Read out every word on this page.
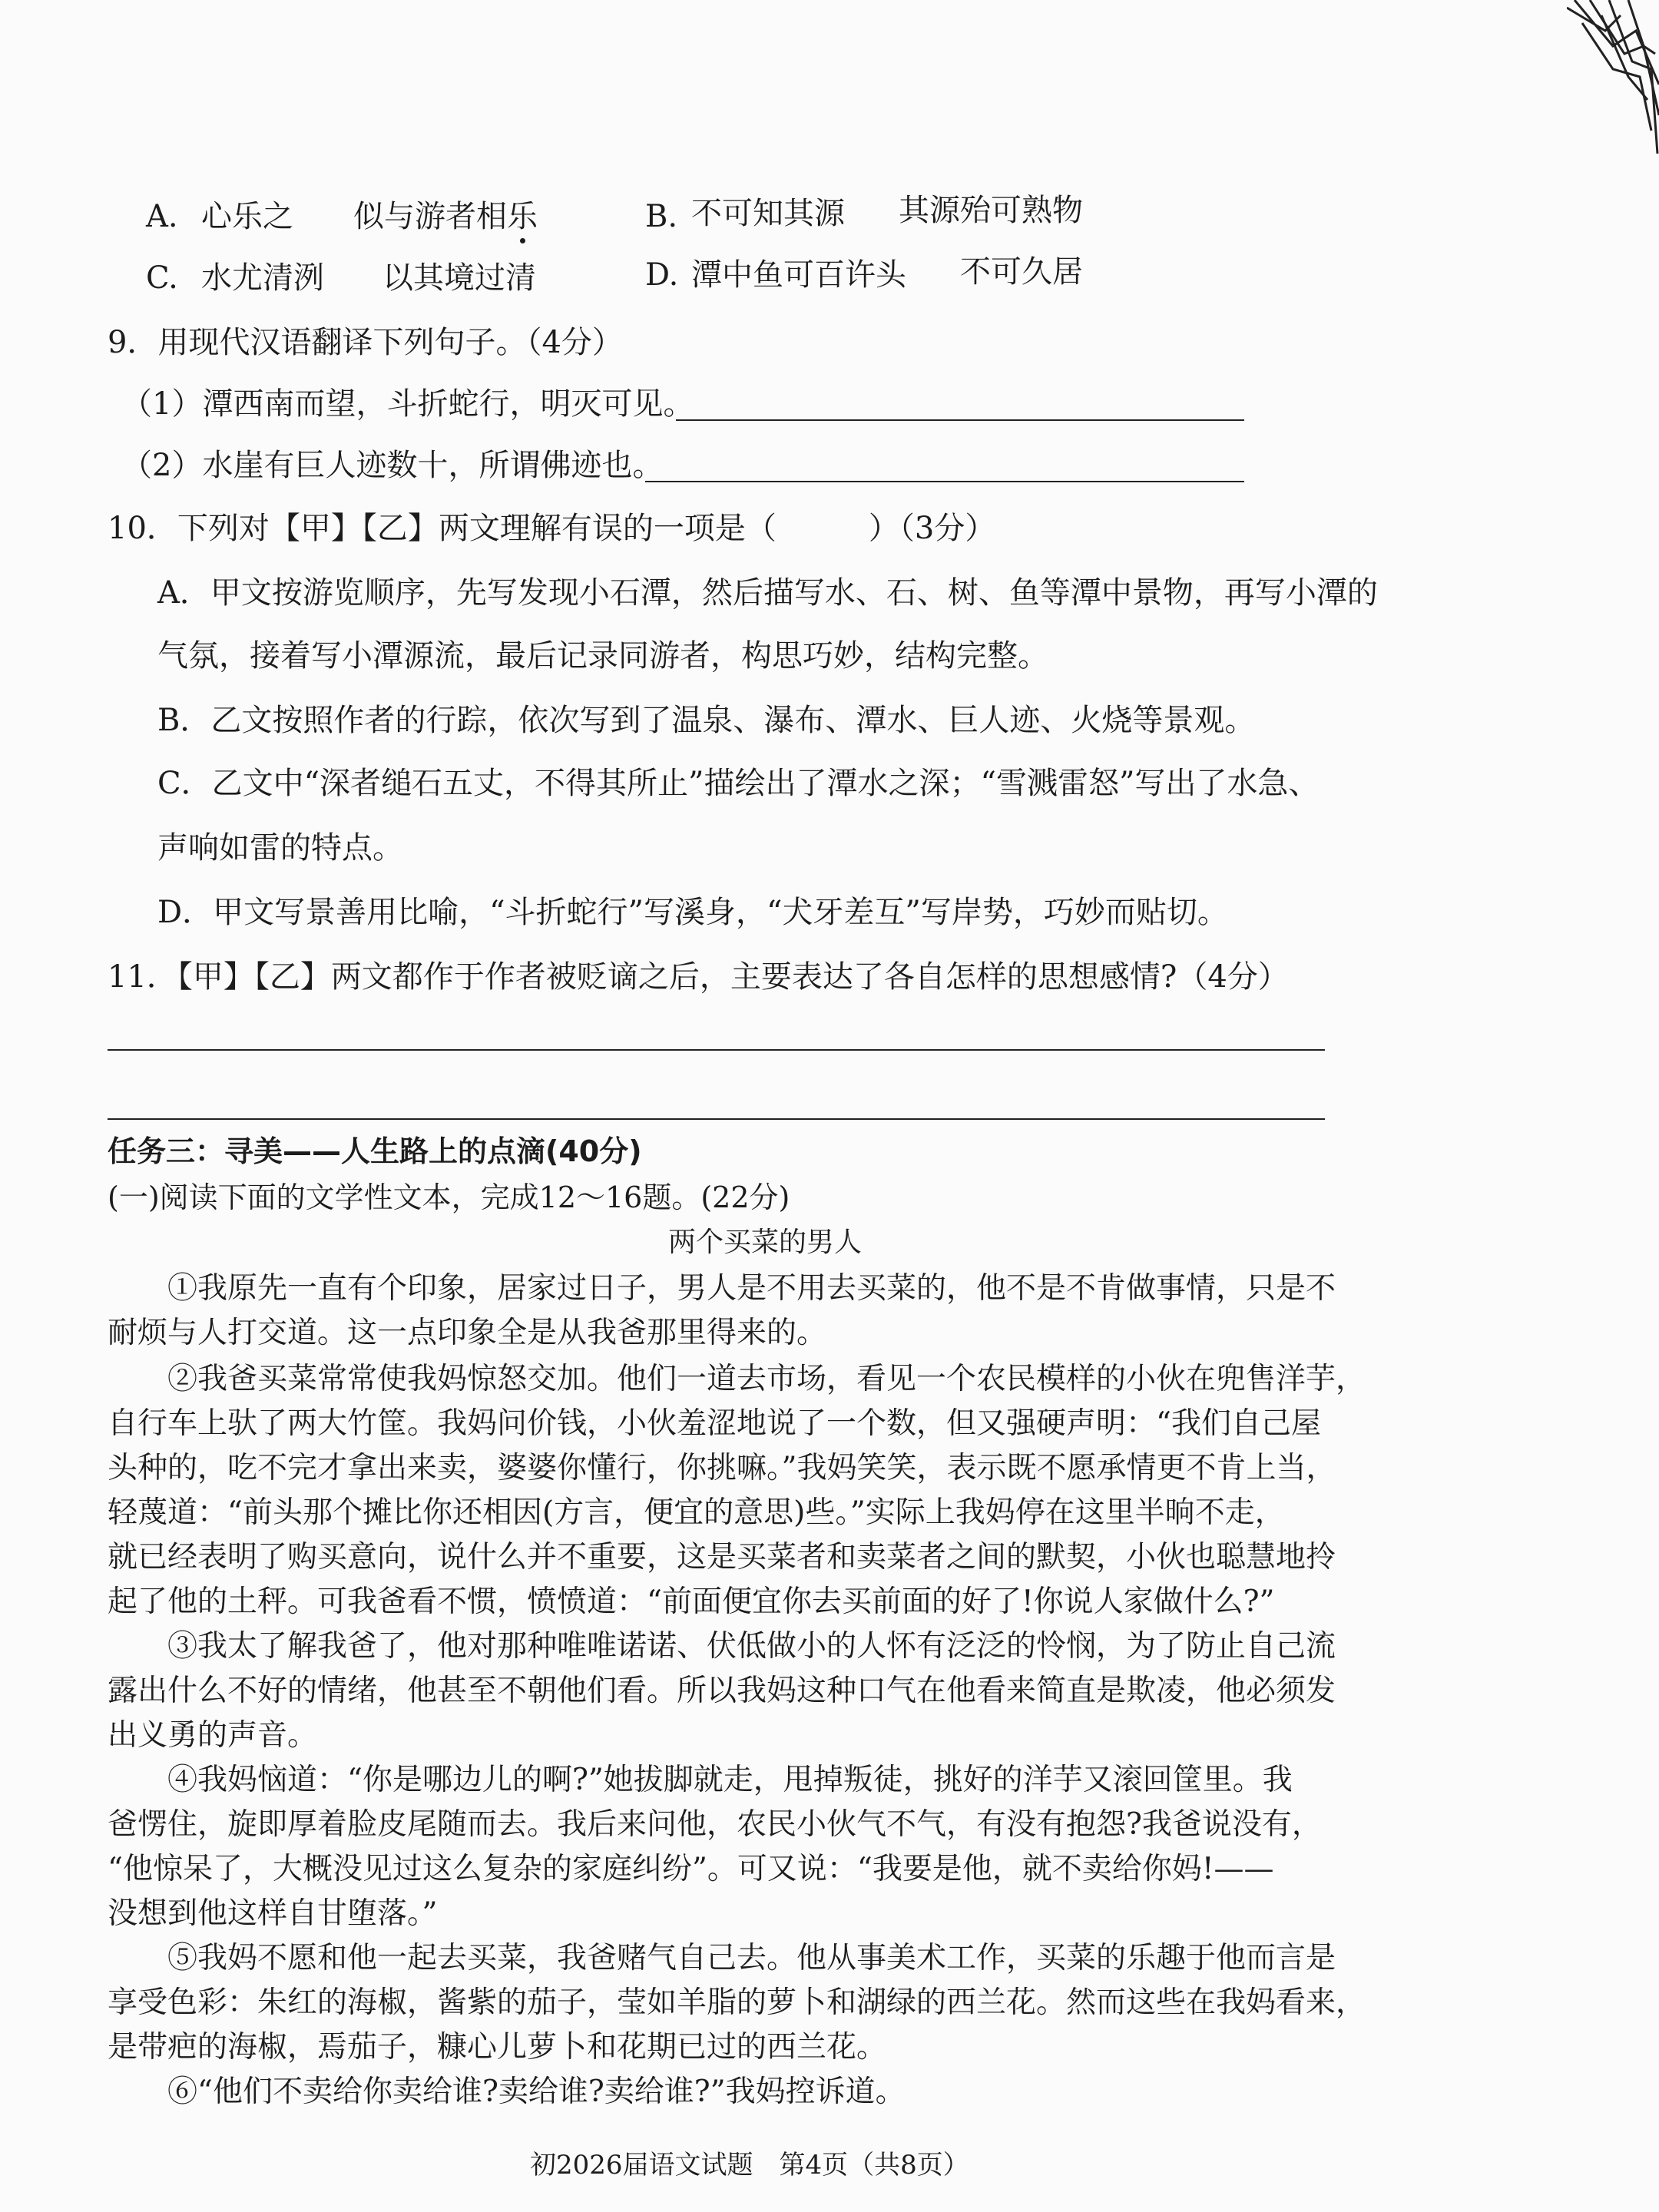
A. 心乐之 似与游者相乐	B. 不可知其源 其源殆可熟物
C. 水尤清洌 以其境过清	D. 潭中鱼可百许头 不可久居
9．用现代汉语翻译下列句子。（4分）
（1）潭西南而望，斗折蛇行，明灭可见。
（2）水崖有巨人迹数十，所谓佛迹也。
10．下列对【甲】【乙】两文理解有误的一项是（　　　）（3分）
A．甲文按游览顺序，先写发现小石潭，然后描写水、石、树、鱼等潭中景物，再写小潭的
气氛，接着写小潭源流，最后记录同游者，构思巧妙，结构完整。
B．乙文按照作者的行踪，依次写到了温泉、瀑布、潭水、巨人迹、火烧等景观。
C．乙文中“深者缒石五丈，不得其所止”描绘出了潭水之深；“雪溅雷怒”写出了水急、
声响如雷的特点。
D．甲文写景善用比喻，“斗折蛇行”写溪身，“犬牙差互”写岸势，巧妙而贴切。
11．【甲】【乙】两文都作于作者被贬谪之后，主要表达了各自怎样的思想感情?（4分）
任务三：寻美——人生路上的点滴(40分)
(一)阅读下面的文学性文本，完成12～16题。(22分)
两个买菜的男人
①我原先一直有个印象，居家过日子，男人是不用去买菜的，他不是不肯做事情，只是不
耐烦与人打交道。这一点印象全是从我爸那里得来的。
②我爸买菜常常使我妈惊怒交加。他们一道去市场，看见一个农民模样的小伙在兜售洋芋，
自行车上驮了两大竹筐。我妈问价钱，小伙羞涩地说了一个数，但又强硬声明：“我们自己屋
头种的，吃不完才拿出来卖，婆婆你懂行，你挑嘛。”我妈笑笑，表示既不愿承情更不肯上当，
轻蔑道：“前头那个摊比你还相因(方言，便宜的意思)些。”实际上我妈停在这里半晌不走，
就已经表明了购买意向，说什么并不重要，这是买菜者和卖菜者之间的默契，小伙也聪慧地拎
起了他的土秤。可我爸看不惯，愤愤道：“前面便宜你去买前面的好了!你说人家做什么?”
③我太了解我爸了，他对那种唯唯诺诺、伏低做小的人怀有泛泛的怜悯，为了防止自己流
露出什么不好的情绪，他甚至不朝他们看。所以我妈这种口气在他看来简直是欺凌，他必须发
出义勇的声音。
④我妈恼道：“你是哪边儿的啊?”她拔脚就走，甩掉叛徒，挑好的洋芋又滚回筐里。我
爸愣住，旋即厚着脸皮尾随而去。我后来问他，农民小伙气不气，有没有抱怨?我爸说没有，
“他惊呆了，大概没见过这么复杂的家庭纠纷”。可又说：“我要是他，就不卖给你妈!——
没想到他这样自甘堕落。”
⑤我妈不愿和他一起去买菜，我爸赌气自己去。他从事美术工作，买菜的乐趣于他而言是
享受色彩：朱红的海椒，酱紫的茄子，莹如羊脂的萝卜和湖绿的西兰花。然而这些在我妈看来，
是带疤的海椒，焉茄子，糠心儿萝卜和花期已过的西兰花。
⑥“他们不卖给你卖给谁?卖给谁?卖给谁?”我妈控诉道。
初2026届语文试题　第4页（共8页）
